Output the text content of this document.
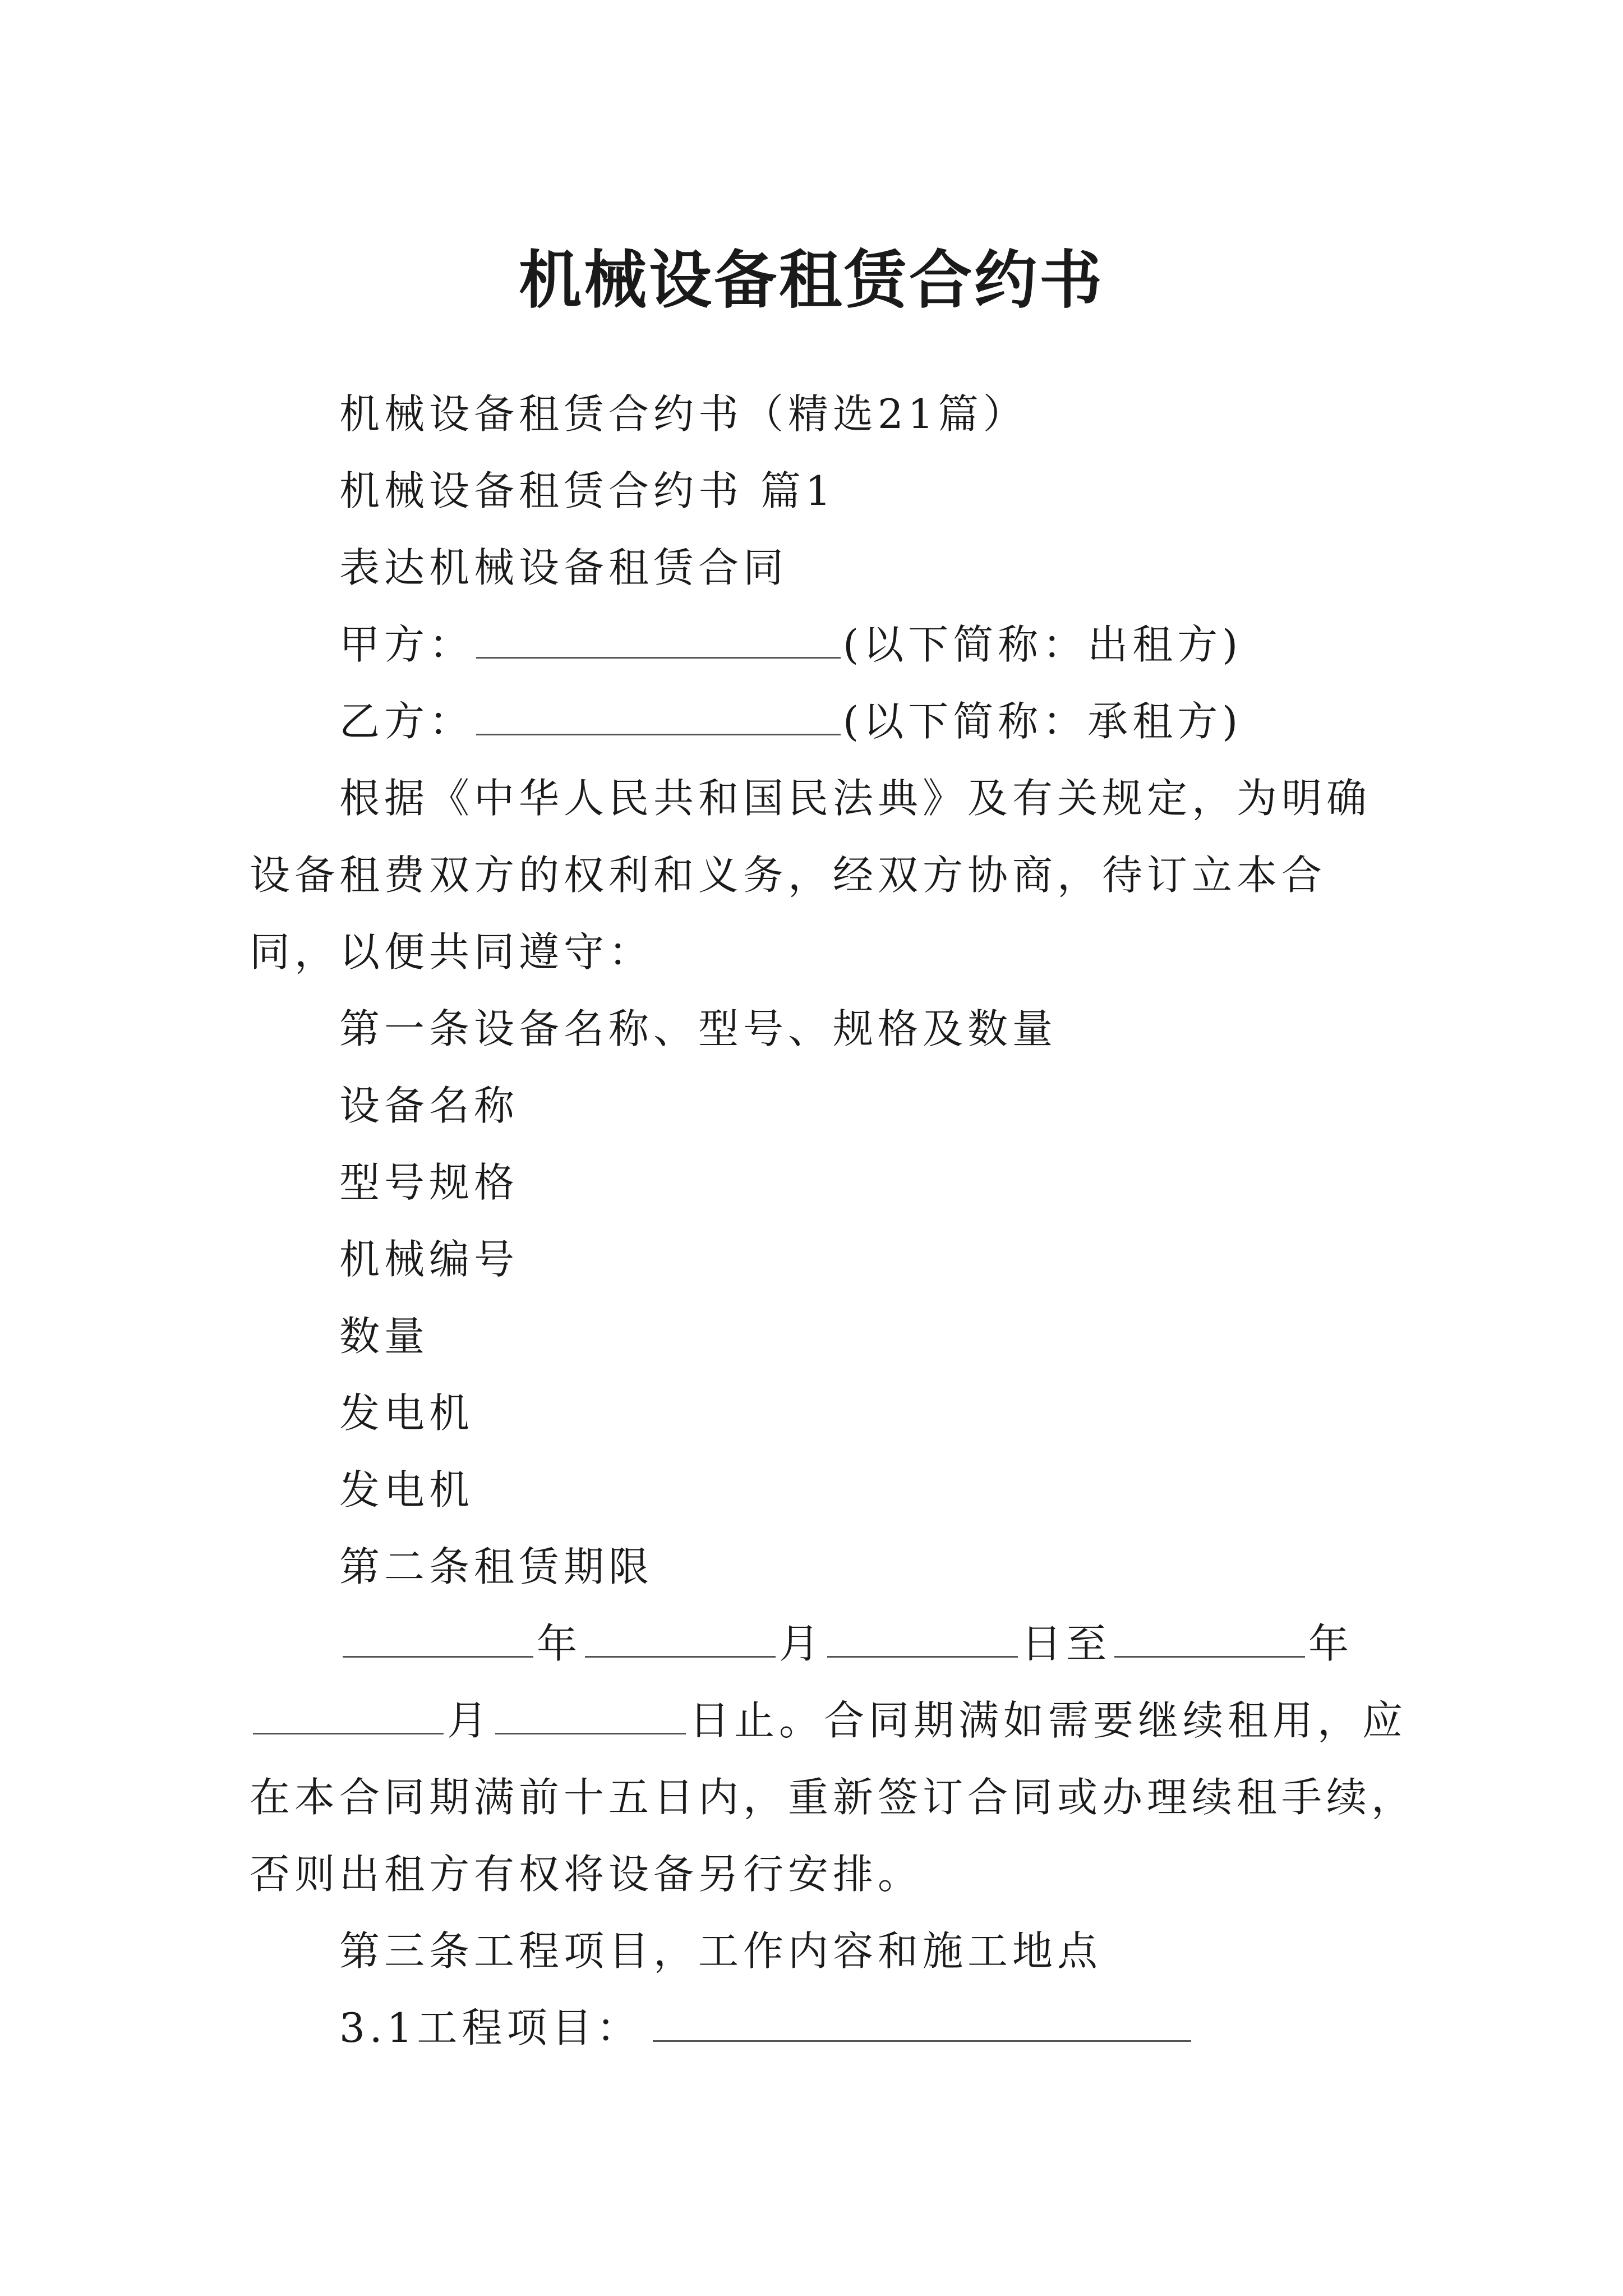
机械设备租赁合约书

机械设备租赁合约书（精选21篇）

机械设备租赁合约书 篇1

表达机械设备租赁合同

甲方：	(以下简称：出租方)

乙方：	(以下简称：承租方)

根据《中华人民共和国民法典》及有关规定，为明确设备租费双方的权利和义务，经双方协商，待订立本合同，以便共同遵守：

第一条设备名称、型号、规格及数量

设备名称

型号规格

机械编号

数量

发电机

发电机

第二条租赁期限

年	月	日至	年
月	日止。合同期满如需要继续租用，应
在本合同期满前十五日内，重新签订合同或办理续租手续，
否则出租方有权将设备另行安排。

第三条工程项目，工作内容和施工地点

3.1工程项目：
